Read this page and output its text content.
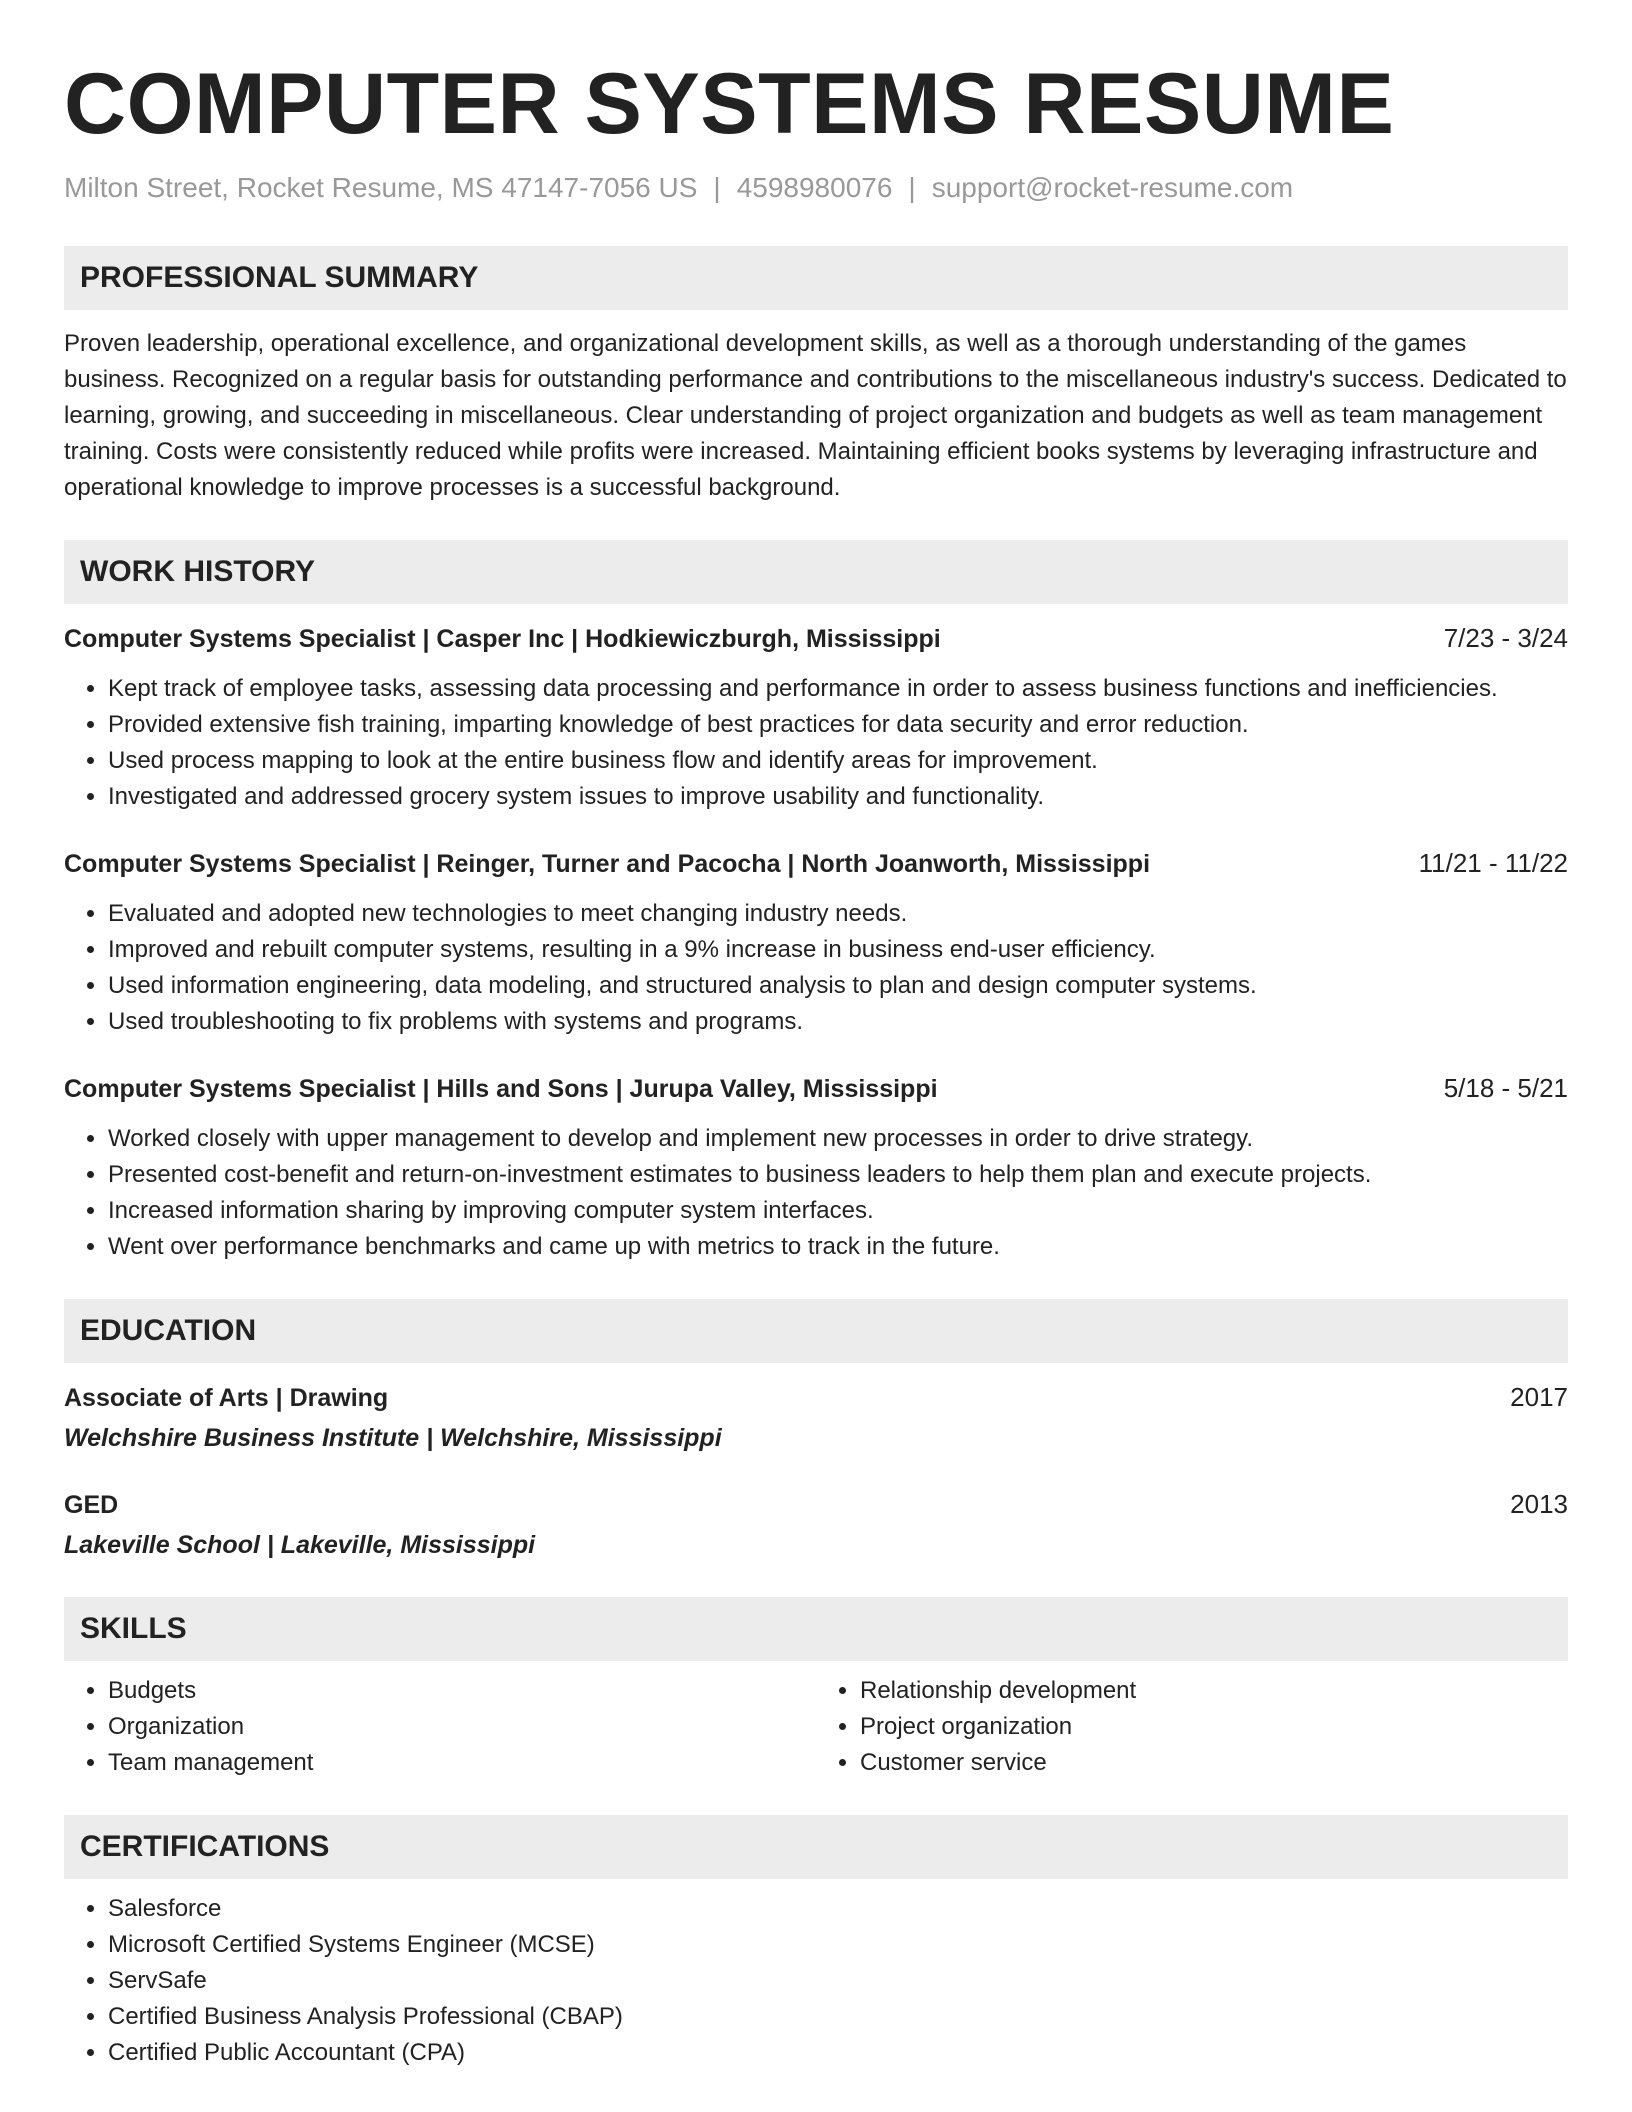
COMPUTER SYSTEMS RESUME
Milton Street, Rocket Resume, MS 47147-7056 US | 4598980076 | support@rocket-resume.com
PROFESSIONAL SUMMARY

Proven leadership, operational excellence, and organizational development skills, as well as a thorough understanding of the games business. Recognized on a regular basis for outstanding performance and contributions to the miscellaneous industry's success. Dedicated to learning, growing, and succeeding in miscellaneous. Clear understanding of project organization and budgets as well as team management training. Costs were consistently reduced while profits were increased. Maintaining efficient books systems by leveraging infrastructure and operational knowledge to improve processes is a successful background.

WORK HISTORY
Computer Systems Specialist | Casper Inc | Hodkiewiczburgh, Mississippi	7/23 - 3/24
• Kept track of employee tasks, assessing data processing and performance in order to assess business functions and inefficiencies.
• Provided extensive fish training, imparting knowledge of best practices for data security and error reduction.
• Used process mapping to look at the entire business flow and identify areas for improvement.
• Investigated and addressed grocery system issues to improve usability and functionality.
Computer Systems Specialist | Reinger, Turner and Pacocha | North Joanworth, Mississippi	11/21 - 11/22
• Evaluated and adopted new technologies to meet changing industry needs.
• Improved and rebuilt computer systems, resulting in a 9% increase in business end-user efficiency.
• Used information engineering, data modeling, and structured analysis to plan and design computer systems.
• Used troubleshooting to fix problems with systems and programs.
Computer Systems Specialist | Hills and Sons | Jurupa Valley, Mississippi	5/18 - 5/21
• Worked closely with upper management to develop and implement new processes in order to drive strategy.
• Presented cost-benefit and return-on-investment estimates to business leaders to help them plan and execute projects.
• Increased information sharing by improving computer system interfaces.
• Went over performance benchmarks and came up with metrics to track in the future.
EDUCATION
Associate of Arts | Drawing	2017
Welchshire Business Institute | Welchshire, Mississippi
GED	2013
Lakeville School | Lakeville, Mississippi
SKILLS
• Budgets
• Organization
• Team management
• Relationship development
• Project organization
• Customer service
CERTIFICATIONS
• Salesforce
• Microsoft Certified Systems Engineer (MCSE)
• ServSafe
• Certified Business Analysis Professional (CBAP)
• Certified Public Accountant (CPA)
